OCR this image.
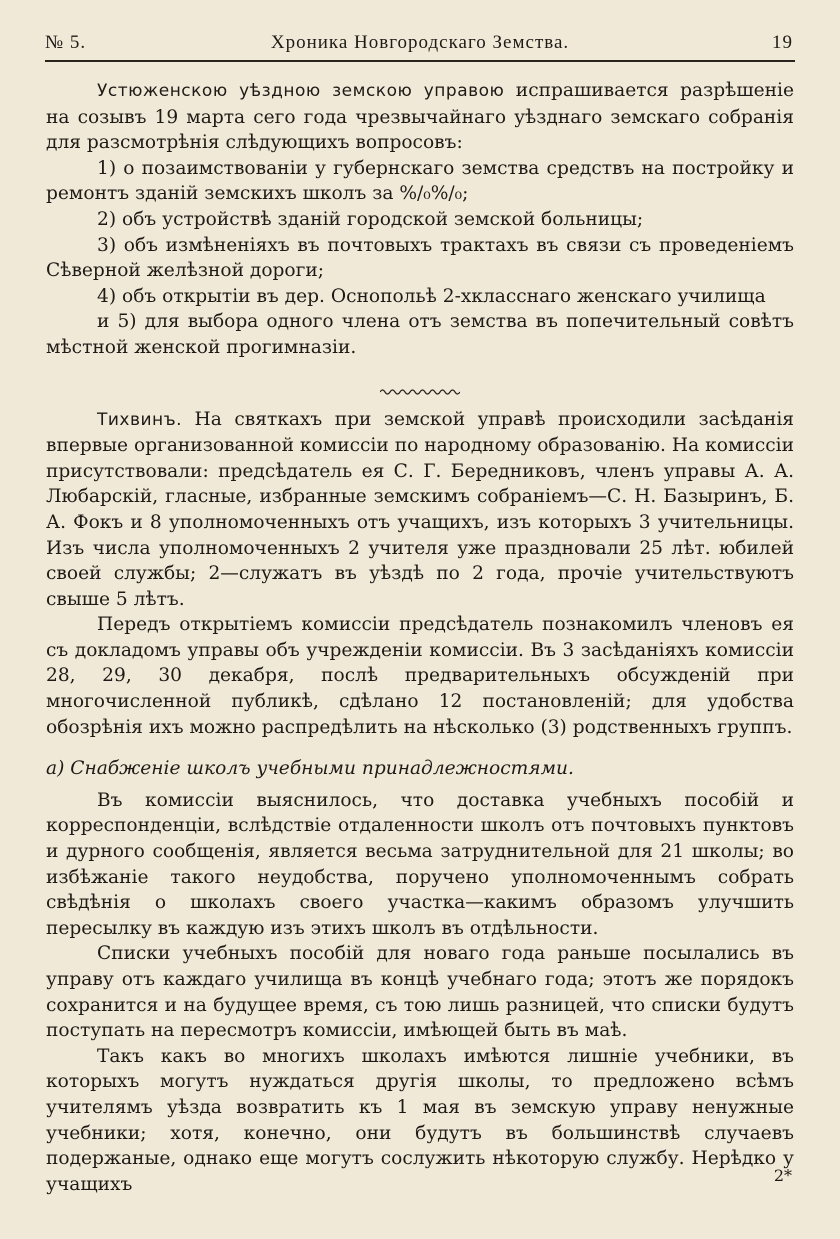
№ 5.	Хроника Новгородскаго Земства.	19

Устюженскою уѣздною земскою управою испрашивается разрѣшеніе на созывъ 19 марта сего года чрезвычайнаго уѣзднаго земскаго собранія для разсмотрѣнія слѣдующихъ вопросовъ:

1) о позаимствованіи у губернскаго земства средствъ на постройку и ремонтъ зданій земскихъ школъ за %/₀%/₀;

2) объ устройствѣ зданій городской земской больницы;

3) объ измѣненіяхъ въ почтовыхъ трактахъ въ связи съ проведеніемъ Сѣверной желѣзной дороги;

4) объ открытіи въ дер. Оснопольѣ 2-хкласснаго женскаго училища

и 5) для выбора одного члена отъ земства въ попечительный совѣтъ мѣстной женской прогимназіи.

Тихвинъ. На святкахъ при земской управѣ происходили засѣданія впервые организованной комиссіи по народному образованію. На комиссіи присутствовали: предсѣдатель ея С. Г. Бередниковъ, членъ управы А. А. Любарскій, гласные, избранные земскимъ собраніемъ—С. Н. Базыринъ, Б. А. Фокъ и 8 уполномоченныхъ отъ учащихъ, изъ которыхъ 3 учительницы. Изъ числа уполномоченныхъ 2 учителя уже праздновали 25 лѣт. юбилей своей службы; 2—служатъ въ уѣздѣ по 2 года, прочіе учительствуютъ свыше 5 лѣтъ.

Передъ открытіемъ комиссіи предсѣдатель познакомилъ членовъ ея съ докладомъ управы объ учрежденіи комиссіи. Въ 3 засѣданіяхъ комиссіи 28, 29, 30 декабря, послѣ предварительныхъ обсужденій при многочисленной публикѣ, сдѣлано 12 постановленій; для удобства обозрѣнія ихъ можно распредѣлить на нѣсколько (3) родственныхъ группъ.

а) Снабженіе школъ учебными принадлежностями.

Въ комиссіи выяснилось, что доставка учебныхъ пособій и корреспонденціи, вслѣдствіе отдаленности школъ отъ почтовыхъ пунктовъ и дурного сообщенія, является весьма затруднительной для 21 школы; во избѣжаніе такого неудобства, поручено уполномоченнымъ собрать свѣдѣнія о школахъ своего участка—какимъ образомъ улучшить пересылку въ каждую изъ этихъ школъ въ отдѣльности.

Списки учебныхъ пособій для новаго года раньше посылались въ управу отъ каждаго училища въ концѣ учебнаго года; этотъ же порядокъ сохранится и на будущее время, съ тою лишь разницей, что списки будутъ поступать на пересмотръ комиссіи, имѣющей быть въ маѣ.

Такъ какъ во многихъ школахъ имѣются лишніе учебники, въ которыхъ могутъ нуждаться другія школы, то предложено всѣмъ учителямъ уѣзда возвратить къ 1 мая въ земскую управу ненужные учебники; хотя, конечно, они будутъ въ большинствѣ случаевъ подержаные, однако еще могутъ сослужить нѣкоторую службу. Нерѣдко у учащихъ	2*
